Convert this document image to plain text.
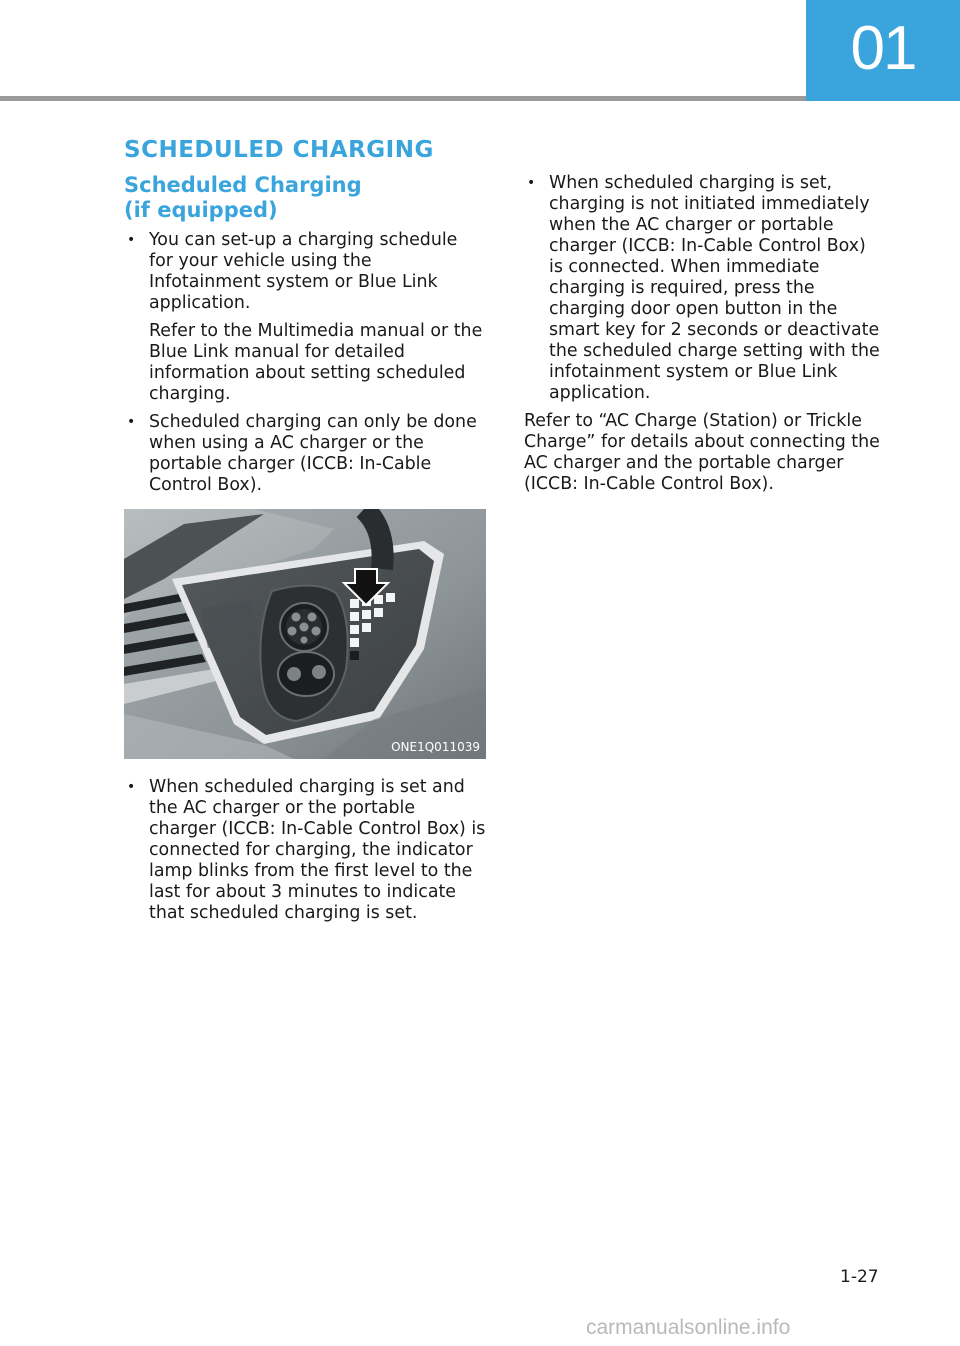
01
SCHEDULED CHARGING
Scheduled Charging
(if equipped)
• You can set-up a charging schedule for your vehicle using the Infotainment system or Blue Link application.

Refer to the Multimedia manual or the Blue Link manual for detailed information about setting scheduled charging.

• Scheduled charging can only be done when using a AC charger or the portable charger (ICCB: In-Cable Control Box).

ONE1Q011039
• When scheduled charging is set and the AC charger or the portable charger (ICCB: In-Cable Control Box) is connected for charging, the indicator lamp blinks from the first level to the last for about 3 minutes to indicate that scheduled charging is set.

• When scheduled charging is set, charging is not initiated immediately when the AC charger or portable charger (ICCB: In-Cable Control Box) is connected. When immediate charging is required, press the charging door open button in the smart key for 2 seconds or deactivate the scheduled charge setting with the infotainment system or Blue Link application.

Refer to “AC Charge (Station) or Trickle Charge” for details about connecting the AC charger and the portable charger (ICCB: In-Cable Control Box).

1-27
carmanualsonline.info
